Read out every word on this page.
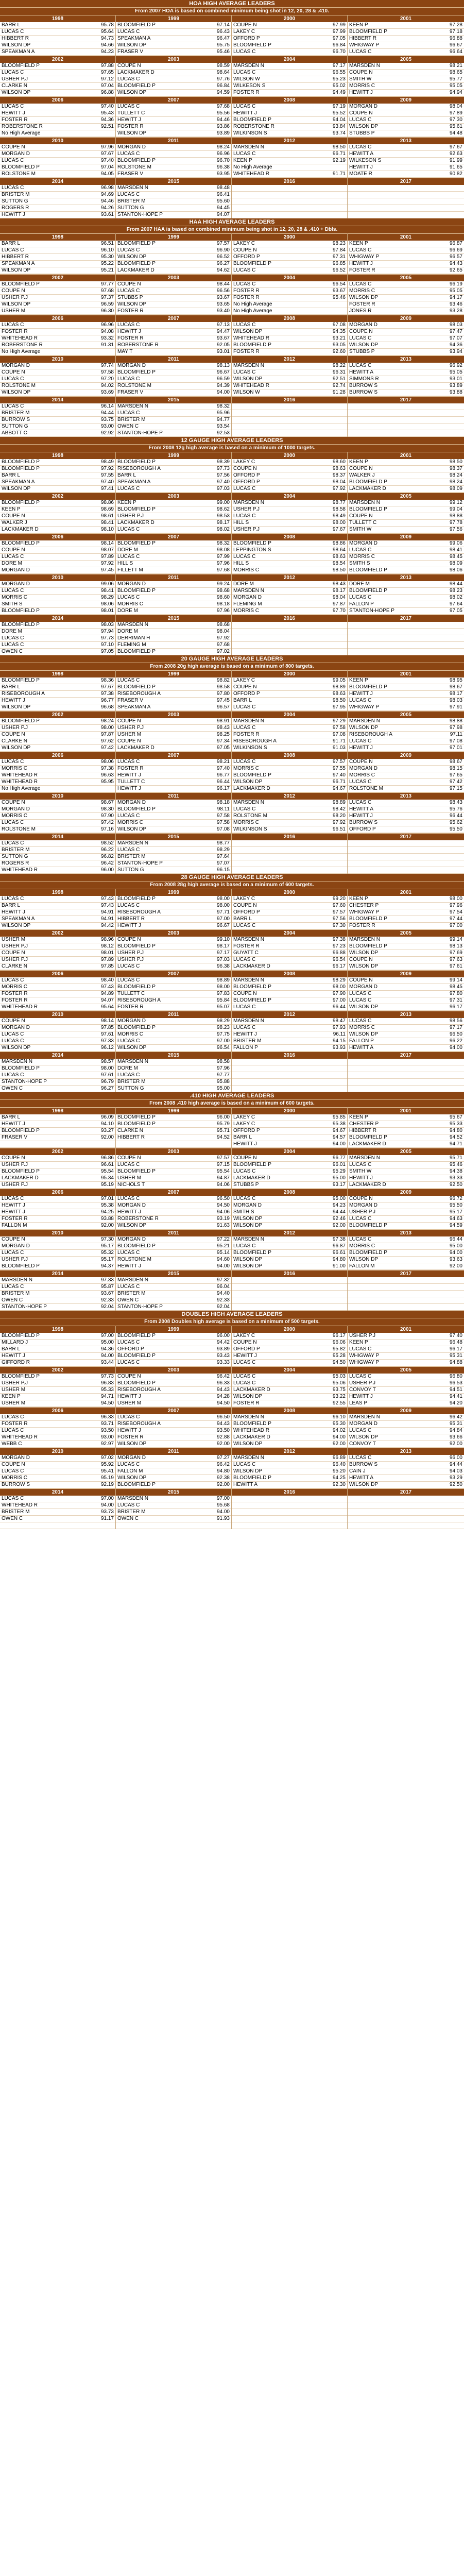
HOA HIGH AVERAGE LEADERS
From 2007 HOA is based on combined minimum being shot in 12, 20, 28 & .410.
1998
BARR L	95.78
LUCAS C	95.64
HIBBERT R	94.73
WILSON DP	94.66
SPEAKMAN A	94.23
1999
BLOOMFIELD P	97.14
LUCAS C	96.43
SPEAKMAN A	96.47
WILSON DP	95.75
FRASER V	95.46
2000
COUPE N	97.99
LAKEY C	97.99
OFFORD P	97.05
BLOOMFIELD P	96.84
LUCAS C	96.70
2001
KEEN P	97.28
BLOOMFIELD P	97.18
HIBBERT R	96.88
WHIGWAY P	96.67
LUCAS C	96.64
2002
BLOOMFIELD P	97.88
LUCAS C	97.65
USHER P.J	97.12
CLARKE N	97.04
WILSON DP	96.88
2003
COUPE N	98.59
LACKMAKER D	98.64
LUCAS C	97.76
BLOOMFIELD P	96.84
WILSON DP	94.59
2004
MARSDEN N	97.17
LUCAS C	96.55
WILSON W	95.23
WILKESON S	95.02
FOSTER R	94.49
2005
MARSDEN N	98.21
COUPE N	98.65
SMITH W	95.77
MORRIS C	95.05
HEWITT J	94.94
2006
LUCAS C	97.40
HEWITT J	95.43
FOSTER R	94.36
ROBERSTONE R	92.51
No High Average
2007
LUCAS C	97.68
TULLETT C	95.56
HEWITT J	94.46
FOSTER R	93.86
WILSON DP	93.89
2008
LUCAS C	97.19
HEWITT J	95.52
BLOOMFIELD P	94.04
ROBERSTONE R	93.84
WILKINSON S	93.74
2009
MORGAN D	98.04
COUPE N	97.89
LUCAS C	97.30
WILSON DP	95.61
STUBBS P	94.48
2010
COUPE N	97.96
MORGAN D	97.67
LUCAS C	97.40
BLOOMFIELD P	97.04
ROLSTONE M	94.05
2011
MORGAN D	98.24
LUCAS C	96.96
BLOOMFIELD P	96.70
ROLSTONE M	96.38
FRASER V	93.95
2012
MARSDEN N	98.50
LUCAS C	96.71
KEEN P	92.19
No High Average
WHITEHEAD R	91.71
2013
LUCAS C	97.67
HEWITT A	92.63
WILKESON S	91.99
HEWITT J	91.65
MOATE R	90.82
2014
LUCAS C	96.98
BRISTER M	94.69
SUTTON G	94.46
ROGERS R	94.26
HEWITT J	93.61
2015
MARSDEN N	98.48
LUCAS C	96.41
BRISTER M	95.60
SUTTON G	94.45
STANTON-HOPE P	94.07
2016	2017
HAA HIGH AVERAGE LEADERS
From 2007 HAA is based on combined minimum being shot in 12, 20, 28 & .410 + Dbls.
1998
BARR L	96.51
LUCAS C	96.10
HIBBERT R	95.30
SPEAKMAN A	95.22
WILSON DP	95.21
1999
BLOOMFIELD P	97.57
LUCAS C	96.90
WILSON DP	96.52
BLOOMFIELD P	96.27
LACKMAKER D	94.62
2000
LAKEY C	98.23
COUPE N	97.84
OFFORD P	97.31
BLOOMFIELD P	96.85
LUCAS C	96.52
2001
KEEN P	96.87
LUCAS C	96.69
WHIGWAY P	96.57
HEWITT J	94.43
FOSTER R	92.65
2002
BLOOMFIELD P	97.77
COUPE N	97.68
USHER P.J	97.37
WILSON DP	96.59
USHER M	96.30
2003
COUPE N	98.44
LUCAS C	96.56
STUBBS P	93.67
WILSON DP	93.65
FOSTER R	93.40
2004
LUCAS C	96.54
FOSTER R	93.67
FOSTER R	95.46
No High Average
No High Average
2005
LUCAS C	96.19
MORRIS C	95.05
WILSON DP	94.17
FOSTER R	93.46
JONES R	93.28
2006
LUCAS C	96.96
FOSTER R	94.08
WHITEHEAD R	93.32
ROBERSTONE R	91.31
No High Average
2007
LUCAS C	97.13
HEWITT J	94.47
FOSTER R	93.67
ROBERSTONE R	92.05
MAY T	93.01
2008
LUCAS C	97.08
WILSON DP	94.35
WHITEHEAD R	93.21
BLOOMFIELD P	93.05
FOSTER R	92.60
2009
MORGAN D	98.03
COUPE N	97.47
LUCAS C	97.07
WILSON DP	94.36
STUBBS P	93.94
2010
MORGAN D	97.74
COUPE N	97.58
LUCAS C	97.20
ROLSTONE M	94.02
WILSON DP	93.69
2011
MORGAN D	98.13
BLOOMFIELD P	96.67
LUCAS C	96.59
ROLSTONE M	94.39
FRASER V	94.00
2012
MARSDEN N	98.22
LUCAS C	96.31
WILSON DP	92.51
WHITEHEAD R	92.74
WILSON W	91.28
2013
LUCAS C	96.92
HEWITT A	95.05
SIMMONS R	93.01
BURROW S	93.89
BURROW S	93.88
2014
LUCAS C	96.14
BRISTER M	94.44
BURROW S	93.75
SUTTON G	93.00
ABBOTT C	92.92
2015
MARSDEN N	98.32
LUCAS C	95.96
BRISTER M	94.77
OWEN C	93.54
STANTON-HOPE P	92.53
2016	2017
12 GAUGE HIGH AVERAGE LEADERS
From 2008 12g high average is based on a minimum of 1000 targets.
1998
BLOOMFIELD P	98.49
BLOOMFIELD P	97.92
BARR L	97.55
SPEAKMAN A	97.40
WILSON DP	97.41
1999
BLOOMFIELD P	98.39
RISEBOROUGH A	97.73
BARR L	97.56
SPEAKMAN A	97.40
LUCAS C	97.03
2000
LAKEY C	98.60
COUPE N	98.63
OFFORD P	98.37
OFFORD P	98.04
LUCAS C	97.92
2001
KEEN P	98.50
COUPE N	98.37
WALKER J	98.24
BLOOMFIELD P	98.24
LACKMAKER D	98.09
2002
BLOOMFIELD P	98.86
KEEN P	98.69
COUPE N	98.61
WALKER J	98.41
LACKMAKER D	98.10
2003
KEEN P	99.00
BLOOMFIELD P	98.62
USHER P.J	98.53
LACKMAKER D	98.17
LUCAS C	98.02
2004
MARSDEN N	98.77
USHER P.J	98.58
LUCAS C	98.49
HILL S	98.00
USHER P.J	97.67
2005
MARSDEN N	99.12
BLOOMFIELD P	99.04
COUPE N	98.88
TULLETT C	97.78
SMITH W	97.56
2006
BLOOMFIELD P	98.14
COUPE N	98.07
LUCAS C	97.89
DORE M	97.92
MORGAN D	97.45
2007
BLOOMFIELD P	98.32
DORE M	98.08
LUCAS C	97.99
HILL S	97.96
FILLETT M	97.68
2008
BLOOMFIELD P	98.86
LEPPINGTON S	98.64
LUCAS C	98.63
HILL S	98.54
MORRIS C	98.50
2009
MORGAN D	99.06
LUCAS C	98.41
MORRIS C	98.45
SMITH S	98.09
BLOOMFIELD P	98.06
2010
MORGAN D	99.06
LUCAS C	98.41
MORRIS C	98.29
SMITH S	98.06
BLOOMFIELD P	98.01
2011
MORGAN D	99.24
BLOOMFIELD P	98.68
LUCAS C	98.60
MORRIS C	98.18
DORE M	97.96
2012
DORE M	98.43
MARSDEN N	98.17
MORGAN D	98.04
FLEMING M	97.87
MORRIS C	97.70
2013
DORE M	98.44
BLOOMFIELD P	98.23
LUCAS C	98.02
FALLON P	97.64
STANTON-HOPE P	97.05
2014
BLOOMFIELD P	98.03
DORE M	97.94
LUCAS C	97.73
LUCAS C	97.10
OWEN C	97.05
2015
MARSDEN N	98.68
DORE M	98.04
DERRIMAN H	97.92
FLEMING M	97.68
BLOOMFIELD P	97.02
2016	2017
20 GAUGE HIGH AVERAGE LEADERS
From 2008 20g high average is based on a minimum of 800 targets.
1998
BLOOMFIELD P	98.36
BARR L	97.67
RISEBOROUGH A	97.38
HEWITT J	96.77
WILSON DP	96.68
1999
LUCAS C	98.82
BLOOMFIELD P	98.58
RISEBOROUGH A	97.80
FRASER V	97.45
SPEAKMAN A	96.57
2000
LAKEY C	99.05
COUPE N	98.89
OFFORD P	98.63
BARR L	98.50
LUCAS C	97.95
2001
KEEN P	98.95
BLOOMFIELD P	98.67
HEWITT J	98.17
LUCAS C	98.03
WHIGWAY P	97.91
2002
BLOOMFIELD P	98.24
USHER P.J	98.00
COUPE N	97.87
CLARKE N	97.62
WILSON DP	97.42
2003
COUPE N	98.91
USHER P.J	98.43
USHER M	98.25
COUPE N	97.34
LACKMAKER D	97.05
2004
MARSDEN N	97.29
LUCAS C	97.58
FOSTER R	97.08
RISEBOROUGH A	91.71
WILKINSON S	91.03
2005
MARSDEN N	98.88
WILSON DP	97.98
RISEBOROUGH A	97.11
LUCAS C	97.08
HEWITT J	97.01
2006
LUCAS C	98.06
MORRIS C	97.38
WHITEHEAD R	96.63
WHITEHEAD R	95.95
No High Average
2007
LUCAS C	98.21
FOSTER R	97.40
HEWITT J	96.77
TULLETT C	96.44
HEWITT J	96.17
2008
LUCAS C	97.57
MORRIS C	97.55
BLOOMFIELD P	97.40
WILSON DP	96.71
LACKMAKER D	94.67
2009
COUPE N	98.67
MORGAN D	98.15
MORRIS C	97.65
LUCAS C	97.42
ROLSTONE M	97.15
2010
COUPE N	98.67
MORGAN D	98.30
MORRIS C	97.90
LUCAS C	97.42
ROLSTONE M	97.16
2011
MORGAN D	98.18
BLOOMFIELD P	98.11
LUCAS C	97.58
MORRIS C	97.58
WILSON DP	97.08
2012
MARSDEN N	98.89
LUCAS C	98.42
ROLSTONE M	98.20
MORRIS C	97.92
WILKINSON S	96.51
2013
LUCAS C	98.43
HEWITT A	95.76
HEWITT J	96.44
BURROW S	95.62
OFFORD P	95.50
2014
LUCAS C	98.52
BRISTER M	96.22
SUTTON G	96.82
ROGERS R	96.42
WHITEHEAD R	96.00
2015
MARSDEN N	98.77
LUCAS C	98.29
BRISTER M	97.64
STANTON-HOPE P	97.07
SUTTON G	96.15
2016	2017
28 GAUGE HIGH AVERAGE LEADERS
From 2008 28g high average is based on a minimum of 600 targets.
1998
LUCAS C	97.43
BARR L	97.43
HEWITT J	94.91
SPEAKMAN A	94.91
WILSON DP	94.42
1999
BLOOMFIELD P	98.00
LUCAS C	98.00
RISEBOROUGH A	97.71
HIBBERT R	97.00
HEWITT J	96.67
2000
LAKEY C	99.20
COUPE N	97.60
OFFORD P	97.57
BARR L	97.56
LUCAS C	97.30
2001
KEEN P	98.00
CHESTER P	97.96
WHIGWAY P	97.54
BLOOMFIELD P	97.44
FOSTER R	97.00
2002
USHER M	98.96
USHER P.J	98.12
COUPE N	98.01
USHER P.J	97.89
CLARKE N	97.85
2003
COUPE N	99.10
BLOOMFIELD P	98.17
USHER P.J	97.17
USHER P.J	97.03
LUCAS C	96.38
2004
MARSDEN N	97.38
FOSTER R	97.23
GUYATT C	96.88
LUCAS C	96.54
LACKMAKER D	96.17
2005
MARSDEN N	99.14
BLOOMFIELD P	98.13
WILSON DP	97.69
COUPE N	97.63
WILSON DP	97.61
2006
LUCAS C	98.40
MORRIS C	97.43
FOSTER R	94.89
FOSTER R	94.07
WHITEHEAD R	95.64
2007
LUCAS C	98.89
BLOOMFIELD P	98.00
TULLETT C	97.83
RISEBOROUGH A	95.84
FOSTER R	95.07
2008
MARSDEN N	98.29
BLOOMFIELD P	98.00
COUPE N	97.90
BLOOMFIELD P	97.00
LUCAS C	96.44
2009
COUPE N	99.14
MORGAN D	98.45
LUCAS C	97.80
LUCAS C	97.31
WILSON DP	96.17
2010
COUPE N	98.14
MORGAN D	97.85
LUCAS C	97.61
LUCAS C	97.33
WILSON DP	96.12
2011
MORGAN D	98.29
BLOOMFIELD P	98.23
MORRIS C	97.75
LUCAS C	97.00
WILSON DP	96.54
2012
MARSDEN N	98.47
LUCAS C	97.93
HEWITT J	96.11
BRISTER M	94.15
FALLON P	93.93
2013
LUCAS C	98.56
MORRIS C	97.17
WILSON DP	96.50
FALLON P	96.22
HEWITT A	94.00
2014
MARSDEN N	98.57
BLOOMFIELD P	98.00
LUCAS C	97.61
STANTON-HOPE P	96.79
OWEN C	96.27
2015
MARSDEN N	98.58
DORE M	97.96
LUCAS C	97.77
BRISTER M	95.88
SUTTON G	95.00
2016	2017
.410 HIGH AVERAGE LEADERS
From 2008 .410 high average is based on a minimum of 600 targets.
1998
BARR L	96.09
HEWITT J	94.10
BLOOMFIELD P	93.27
FRASER V	92.00
1999
BLOOMFIELD P	96.00
BLOOMFIELD P	95.79
CLARKE N	95.71
HIBBERT R	94.52
2000
LAKEY C	95.85
LAKEY C	95.38
OFFORD P	94.67
BARR L	94.57
HEWITT J	94.00
2001
KEEN P	95.67
CHESTER P	95.33
HIBBERT R	94.80
BLOOMFIELD P	94.52
LACKMAKER D	94.71
2002
COUPE N	96.86
USHER P.J	96.61
BLOOMFIELD P	95.54
LACKMAKER D	95.34
USHER P.J	95.19
2003
COUPE N	97.57
LUCAS C	97.15
BLOOMFIELD P	95.54
USHER M	94.87
NICHOLS T	94.06
2004
COUPE N	96.77
BLOOMFIELD P	96.01
LUCAS C	95.29
LACKMAKER D	95.00
STUBBS P	93.17
2005
MARSDEN N	95.71
LUCAS C	95.46
SMITH W	94.38
HEWITT J	93.33
LACKMAKER D	92.50
2006
LUCAS C	97.01
HEWITT J	95.38
HEWITT J	94.25
FOSTER R	93.88
FALLON M	92.00
2007
LUCAS C	96.50
MORGAN D	94.50
HEWITT J	94.06
ROBERSTONE R	93.19
WILSON DP	91.63
2008
LUCAS C	95.00
MORGAN D	94.23
SMITH S	94.44
WILSON DP	92.46
WILSON DP	92.00
2009
COUPE N	96.72
MORGAN D	95.50
USHER P.J	95.17
LUCAS C	94.63
BLOOMFIELD P	94.59
2010
COUPE N	97.30
MORGAN D	95.17
LUCAS C	95.32
USHER P.J	95.17
BLOOMFIELD P	94.37
2011
MORGAN D	97.22
BLOOMFIELD P	95.21
LUCAS C	95.14
ROLSTONE M	94.60
HEWITT J	94.00
2012
MARSDEN N	97.38
LUCAS C	96.87
BLOOMFIELD P	96.61
WILSON DP	94.80
WILSON DP	91.00
2013
LUCAS C	96.44
MORRIS C	95.00
BLOOMFIELD P	94.00
WILSON DP	93.63
FALLON M	92.00
2014
MARSDEN N	97.33
LUCAS C	95.87
BRISTER M	93.67
OWEN C	92.33
STANTON-HOPE P	92.04
2015
MARSDEN N	97.32
LUCAS C	96.04
BRISTER M	94.40
OWEN C	92.33
STANTON-HOPE P	92.04
2016	2017
DOUBLES HIGH AVERAGE LEADERS
From 2008 Doubles high average is based on a minimum of 500 targets.
1998
BLOOMFIELD P	97.00
MILLARD J	95.00
BARR L	94.36
HEWITT J	94.00
GIFFORD R	93.44
1999
BLOOMFIELD P	96.00
LUCAS C	94.42
OFFORD P	93.89
BLOOMFIELD P	93.43
LUCAS C	93.33
2000
LAKEY C	96.17
COUPE N	96.06
OFFORD P	95.82
HEWITT J	95.28
LUCAS C	94.50
2001
USHER P.J	97.40
KEEN P	96.48
LUCAS C	96.17
WHIGWAY P	95.31
WHIGWAY P	94.88
2002
BLOOMFIELD P	97.73
USHER P.J	96.83
USHER M	95.33
KEEN P	94.71
USHER M	94.50
2003
COUPE N	96.42
BLOOMFIELD P	96.33
RISEBOROUGH A	94.43
HEWITT J	94.28
USHER M	94.50
2004
LUCAS C	95.03
LUCAS C	95.06
LACKMAKER D	93.75
WILSON DP	93.22
FOSTER R	92.55
2005
LUCAS C	96.80
USHER P.J	96.53
CONVOY T	94.51
HEWITT J	94.41
LEAS P	94.20
2006
LUCAS C	96.33
FOSTER R	93.71
LUCAS C	93.50
WHITEHEAD R	93.00
WEBB C	92.97
2007
LUCAS C	96.50
RISEBOROUGH A	94.43
HEWITT J	93.50
FOSTER R	92.88
WILSON DP	92.00
2008
MARSDEN N	96.10
BLOOMFIELD P	95.30
WHITEHEAD R	94.02
LACKMAKER D	94.00
WILSON DP	92.00
2009
MARSDEN N	96.42
MORGAN D	95.31
LUCAS C	94.84
WILSON DP	93.66
CONVOY T	92.00
2010
MORGAN D	97.02
COUPE N	95.92
LUCAS C	95.41
MORRIS C	95.19
BURROW S	92.19
2011
MORGAN D	97.27
LUCAS C	96.42
FALLON M	94.80
WILSON DP	92.38
BLOOMFIELD P	92.00
2012
MARSDEN N	96.89
LUCAS C	96.40
WILSON DP	95.20
BLOOMFIELD P	94.25
HEWITT A	92.30
2013
LUCAS C	96.00
BURROW S	94.44
CAIN J	94.03
HEWITT A	93.29
WILSON DP	92.50
2014
LUCAS C	97.00
WHITEHEAD R	94.00
BRISTER M	93.73
OWEN C	91.17
2015
MARSDEN N	97.00
LUCAS C	95.68
BRISTER M	94.00
OWEN C	91.93
2016	2017
